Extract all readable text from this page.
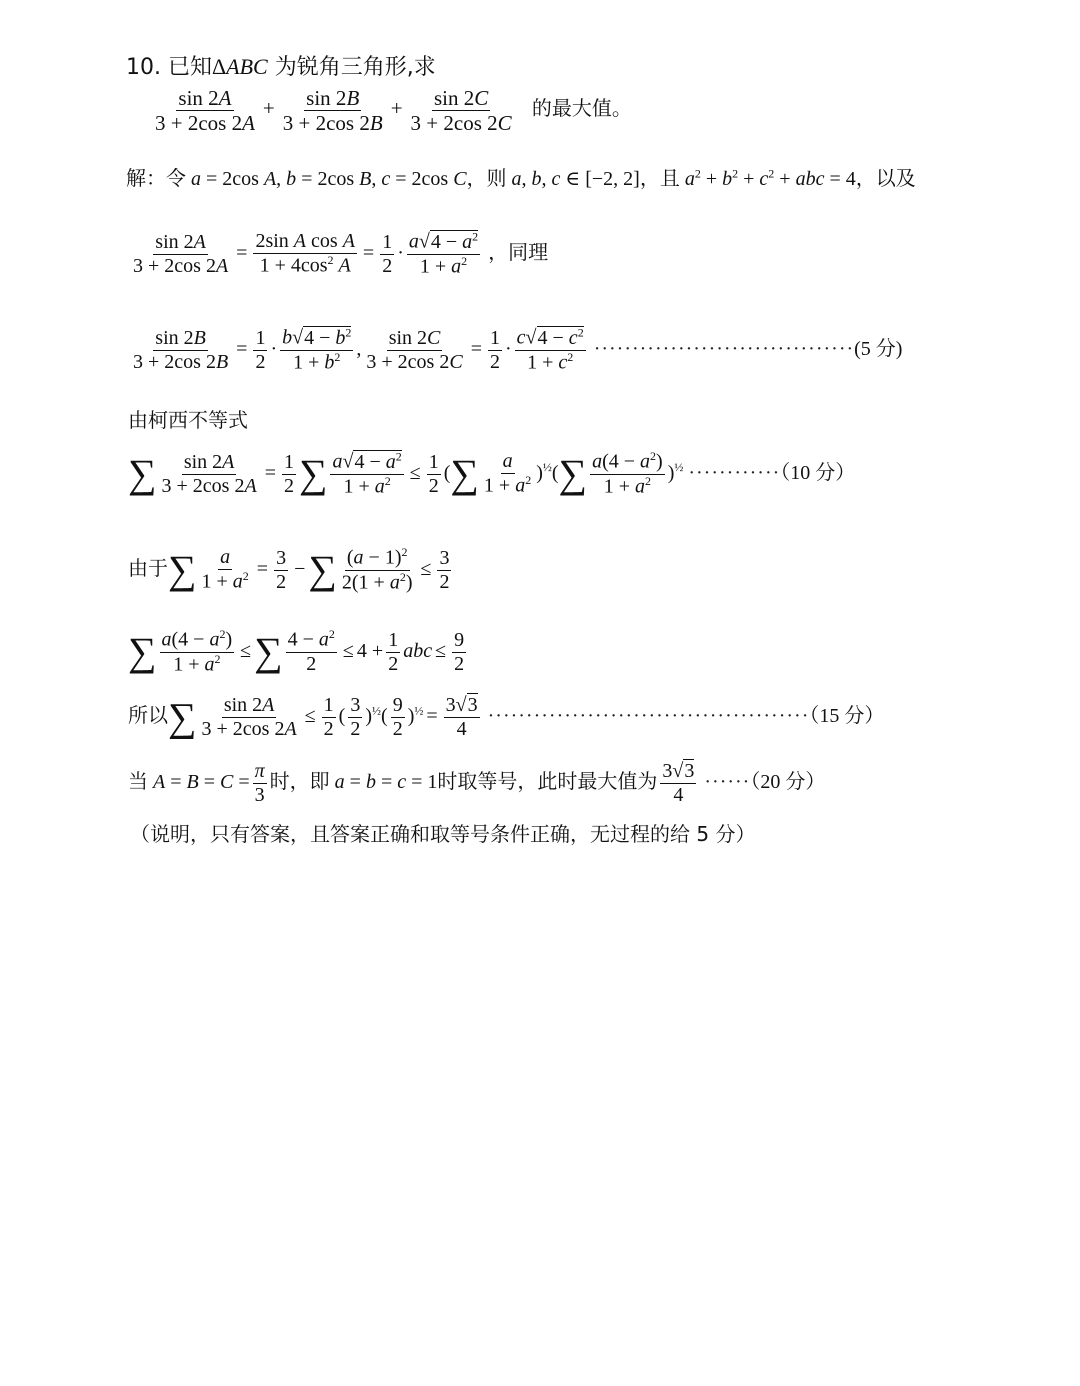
10. 已知ΔABC 为锐角三角形,求
$\frac{\sin 2A}{3 + 2\cos 2A} + \frac{\sin 2B}{3 + 2\cos 2B} + \frac{\sin 2C}{3 + 2\cos 2C}$ 的最大值。
解：令 a = 2cos A, b = 2cos B, c = 2cos C，则 a, b, c ∈ [−2, 2]，且 $a^2 + b^2 + c^2$ + abc = 4，以及
$\frac{\sin 2A}{3 + 2\cos 2A} = \frac{\text{2sin A cos A}}{1 + 4\cos^2 A} = \frac{1}{2} \cdot \frac{a√4 - a^2}{1 + a^2}$ ，同理
$\frac{\sin 2B}{3 + 2\cos 2B} = \frac{1}{2} \cdot \frac{b√4 - b^2}{1 + b^2}$ , $\frac{\sin 2C}{3 + 2\cos 2C} = \frac{1}{2} \cdot \frac{c√4 - c^2}{1 + c^2} \cdot\cdot\cdot\cdot\cdot\cdot\cdot\cdot\cdot\cdot\cdot\cdot\cdot\cdot\cdot\cdot\cdot\cdot\cdot\cdot\cdot\cdot\cdot\cdot\cdot\cdot\cdot\cdot\cdot\cdot\cdot\cdot\cdot\cdot(5$ 分)
由柯西不等式
∑ $\frac{\sin 2A}{3 + 2\cos 2A} = \frac{1}{2}$ ∑ $\frac{a√4 - a^2}{1 + a^2} \le \frac{1}{2}$ (∑ $\frac{a}{1 + a^2} )^{\frac{1}{2}}(\sum \frac{a(4 - a^2)}{1 + a^2} )^{\frac{1}{2}} \cdot\cdot\cdot\cdot\cdot\cdot\cdot\cdot\cdot\cdot\cdot\cdot(10$ 分）
由于∑ $\frac{a}{1 + a^2} = \frac{3}{2}$ −∑ $\frac{(a - 1)^2}{2(1 + a^2)} \le \frac{3}{2}$
∑ $\frac{a(4 - a^2)}{1 + a^2}$ ≤∑ $\frac{4 - a^2}{2} \le 4 + \frac{1}{2}$ abc ≤ $\frac{9}{2}$
所以∑ $\frac{\sin 2A}{3 + 2\cos 2A} \le \frac{1}{2}$ ( $\frac{3}{2} )^{\frac{1}{2}}( \frac{9}{2} )^{\frac{1}{2}} = \frac{3√3}{4} \cdot\cdot\cdot\cdot\cdot\cdot\cdot\cdot\cdot\cdot\cdot\cdot\cdot\cdot\cdot\cdot\cdot\cdot\cdot\cdot\cdot\cdot\cdot\cdot\cdot\cdot\cdot\cdot\cdot\cdot\cdot\cdot\cdot\cdot\cdot\cdot\cdot\cdot\cdot\cdot\cdot\cdot(15$ 分）
当 $A = B = C = \frac{\pi}{3}$ 时，即 a = b = c = 1时取等号，此时最大值为 $\frac{3√3}{4} \cdot\cdot\cdot\cdot\cdot\cdot(20$ 分）
（说明，只有答案，且答案正确和取等号条件正确，无过程的给 5 分）
